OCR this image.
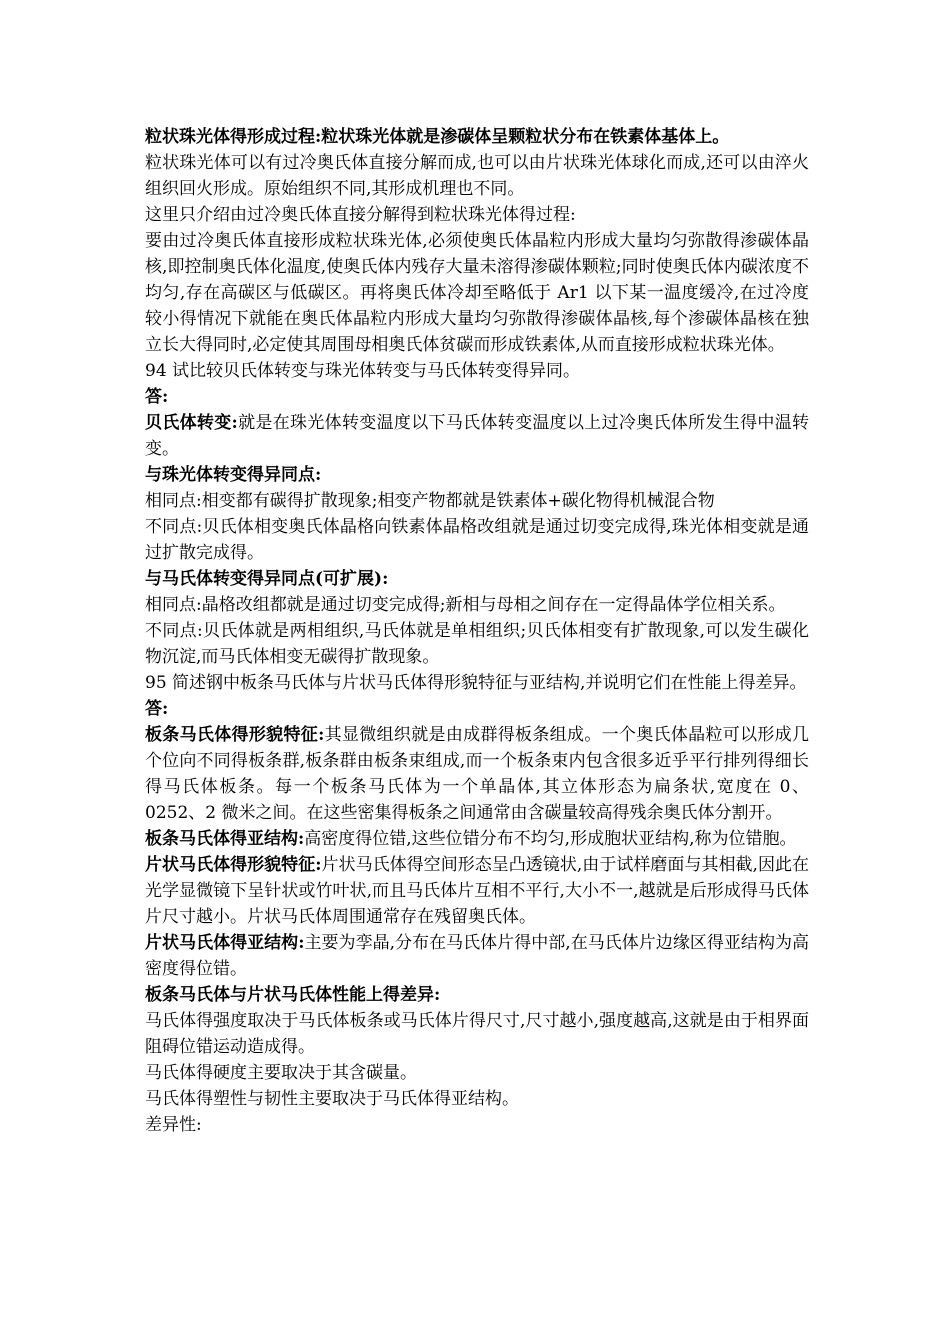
粒状珠光体得形成过程:粒状珠光体就是渗碳体呈颗粒状分布在铁素体基体上。

粒状珠光体可以有过冷奥氏体直接分解而成,也可以由片状珠光体球化而成,还可以由淬火组织回火形成。原始组织不同,其形成机理也不同。

这里只介绍由过冷奥氏体直接分解得到粒状珠光体得过程:

要由过冷奥氏体直接形成粒状珠光体,必须使奥氏体晶粒内形成大量均匀弥散得渗碳体晶核,即控制奥氏体化温度,使奥氏体内残存大量未溶得渗碳体颗粒;同时使奥氏体内碳浓度不均匀,存在高碳区与低碳区。再将奥氏体冷却至略低于 Ar1 以下某一温度缓冷,在过冷度较小得情况下就能在奥氏体晶粒内形成大量均匀弥散得渗碳体晶核,每个渗碳体晶核在独立长大得同时,必定使其周围母相奥氏体贫碳而形成铁素体,从而直接形成粒状珠光体。

94 试比较贝氏体转变与珠光体转变与马氏体转变得异同。

答:

贝氏体转变:就是在珠光体转变温度以下马氏体转变温度以上过冷奥氏体所发生得中温转变。

与珠光体转变得异同点:

相同点:相变都有碳得扩散现象;相变产物都就是铁素体+碳化物得机械混合物

不同点:贝氏体相变奥氏体晶格向铁素体晶格改组就是通过切变完成得,珠光体相变就是通过扩散完成得。

与马氏体转变得异同点(可扩展):

相同点:晶格改组都就是通过切变完成得;新相与母相之间存在一定得晶体学位相关系。

不同点:贝氏体就是两相组织,马氏体就是单相组织;贝氏体相变有扩散现象,可以发生碳化物沉淀,而马氏体相变无碳得扩散现象。

95 简述钢中板条马氏体与片状马氏体得形貌特征与亚结构,并说明它们在性能上得差异。

答:

板条马氏体得形貌特征:其显微组织就是由成群得板条组成。一个奥氏体晶粒可以形成几个位向不同得板条群,板条群由板条束组成,而一个板条束内包含很多近乎平行排列得细长得马氏体板条。每一个板条马氏体为一个单晶体,其立体形态为扁条状,宽度在 0、0252、2 微米之间。在这些密集得板条之间通常由含碳量较高得残余奥氏体分割开。

板条马氏体得亚结构:高密度得位错,这些位错分布不均匀,形成胞状亚结构,称为位错胞。

片状马氏体得形貌特征:片状马氏体得空间形态呈凸透镜状,由于试样磨面与其相截,因此在光学显微镜下呈针状或竹叶状,而且马氏体片互相不平行,大小不一,越就是后形成得马氏体片尺寸越小。片状马氏体周围通常存在残留奥氏体。

片状马氏体得亚结构:主要为孪晶,分布在马氏体片得中部,在马氏体片边缘区得亚结构为高密度得位错。

板条马氏体与片状马氏体性能上得差异:

马氏体得强度取决于马氏体板条或马氏体片得尺寸,尺寸越小,强度越高,这就是由于相界面阻碍位错运动造成得。

马氏体得硬度主要取决于其含碳量。

马氏体得塑性与韧性主要取决于马氏体得亚结构。

差异性:
